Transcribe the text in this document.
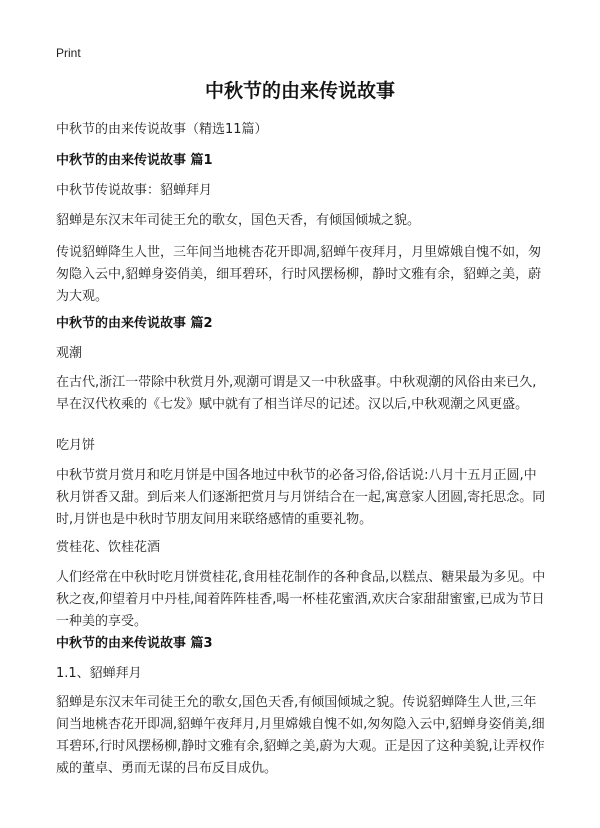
Print
中秋节的由来传说故事

中秋节的由来传说故事（精选11篇）

中秋节的由来传说故事 篇1

中秋节传说故事：貂蝉拜月

貂蝉是东汉末年司徒王允的歌女，国色天香，有倾国倾城之貌。

传说貂蝉降生人世，三年间当地桃杏花开即凋,貂蝉午夜拜月，月里嫦娥自愧不如，匆匆隐入云中,貂蝉身姿俏美，细耳碧环，行时风摆杨柳，静时文雅有余，貂蝉之美，蔚为大观。

中秋节的由来传说故事 篇2

观潮

在古代,浙江一带除中秋赏月外,观潮可谓是又一中秋盛事。中秋观潮的风俗由来已久,早在汉代枚乘的《七发》赋中就有了相当详尽的记述。汉以后,中秋观潮之风更盛。

吃月饼

中秋节赏月赏月和吃月饼是中国各地过中秋节的必备习俗,俗话说:八月十五月正圆,中秋月饼香又甜。到后来人们逐渐把赏月与月饼结合在一起,寓意家人团圆,寄托思念。同时,月饼也是中秋时节朋友间用来联络感情的重要礼物。

赏桂花、饮桂花酒

人们经常在中秋时吃月饼赏桂花,食用桂花制作的各种食品,以糕点、糖果最为多见。中秋之夜,仰望着月中丹桂,闻着阵阵桂香,喝一杯桂花蜜酒,欢庆合家甜甜蜜蜜,已成为节日一种美的享受。

中秋节的由来传说故事 篇3

1.1、貂蝉拜月

貂蝉是东汉末年司徒王允的歌女,国色天香,有倾国倾城之貌。传说貂蝉降生人世,三年间当地桃杏花开即凋,貂蝉午夜拜月,月里嫦娥自愧不如,匆匆隐入云中,貂蝉身姿俏美,细耳碧环,行时风摆杨柳,静时文雅有余,貂蝉之美,蔚为大观。正是因了这种美貌,让弄权作威的董卓、勇而无谋的吕布反目成仇。
